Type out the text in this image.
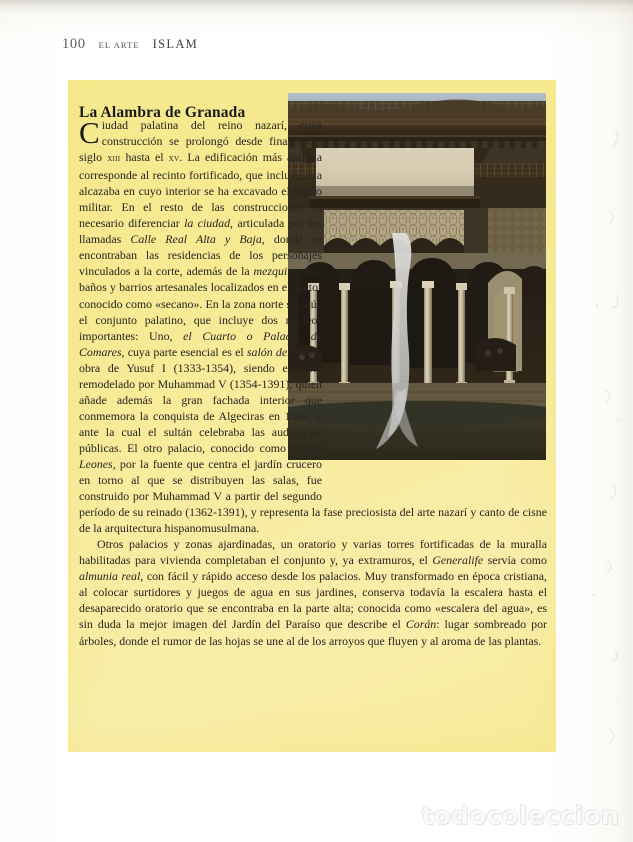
100 EL ARTE ISLAM
La Alambra de Granada

Ciudad palatina del reino nazarí, cuya construcción se prolongó desde finales del siglo xiii hasta el xv. La edificación más antigua corresponde al recinto fortificado, que incluye una alcazaba en cuyo interior se ha excavado el barrio militar. En el resto de las construcciones es necesario diferenciar la ciudad, articulada por las llamadas Calle Real Alta y Baja, donde se encontraban las residencias de los personajes vinculados a la corte, además de la mezquita real, baños y barrios artesanales localizados en el sector conocido como «secano». En la zona norte se sitúa el conjunto palatino, que incluye dos núcleos importantes: Uno, el Cuarto o Palacio de Comares, cuya parte esencial es el salón del trono, obra de Yusuf I (1333-1354), siendo el resto remodelado por Muhammad V (1354-1391), quien añade además la gran fachada interior que conmemora la conquista de Algeciras en 1369, y ante la cual el sultán celebraba las audiencias públicas. El otro palacio, conocido como de los Leones, por la fuente que centra el jardín crucero en torno al que se distribuyen las salas, fue construido por Muhammad V a partir del segundo período de su reinado (1362-1391), y representa la fase preciosista del arte nazarí y canto de cisne de la arquitectura hispanomusulmana.

Otros palacios y zonas ajardinadas, un oratorio y varias torres fortificadas de la muralla habilitadas para vivienda completaban el conjunto y, ya extramuros, el Generalife servía como almunia real, con fácil y rápido acceso desde los palacios. Muy transformado en época cristiana, al colocar surtidores y juegos de agua en sus jardines, conserva todavía la escalera hasta el desaparecido oratorio que se encontraba en la parte alta; conocida como «escalera del agua», es sin duda la mejor imagen del Jardín del Paraíso que describe el Corán: lugar sombreado por árboles, donde el rumor de las hojas se une al de los arroyos que fluyen y al aroma de las plantas.

todocoleccion
